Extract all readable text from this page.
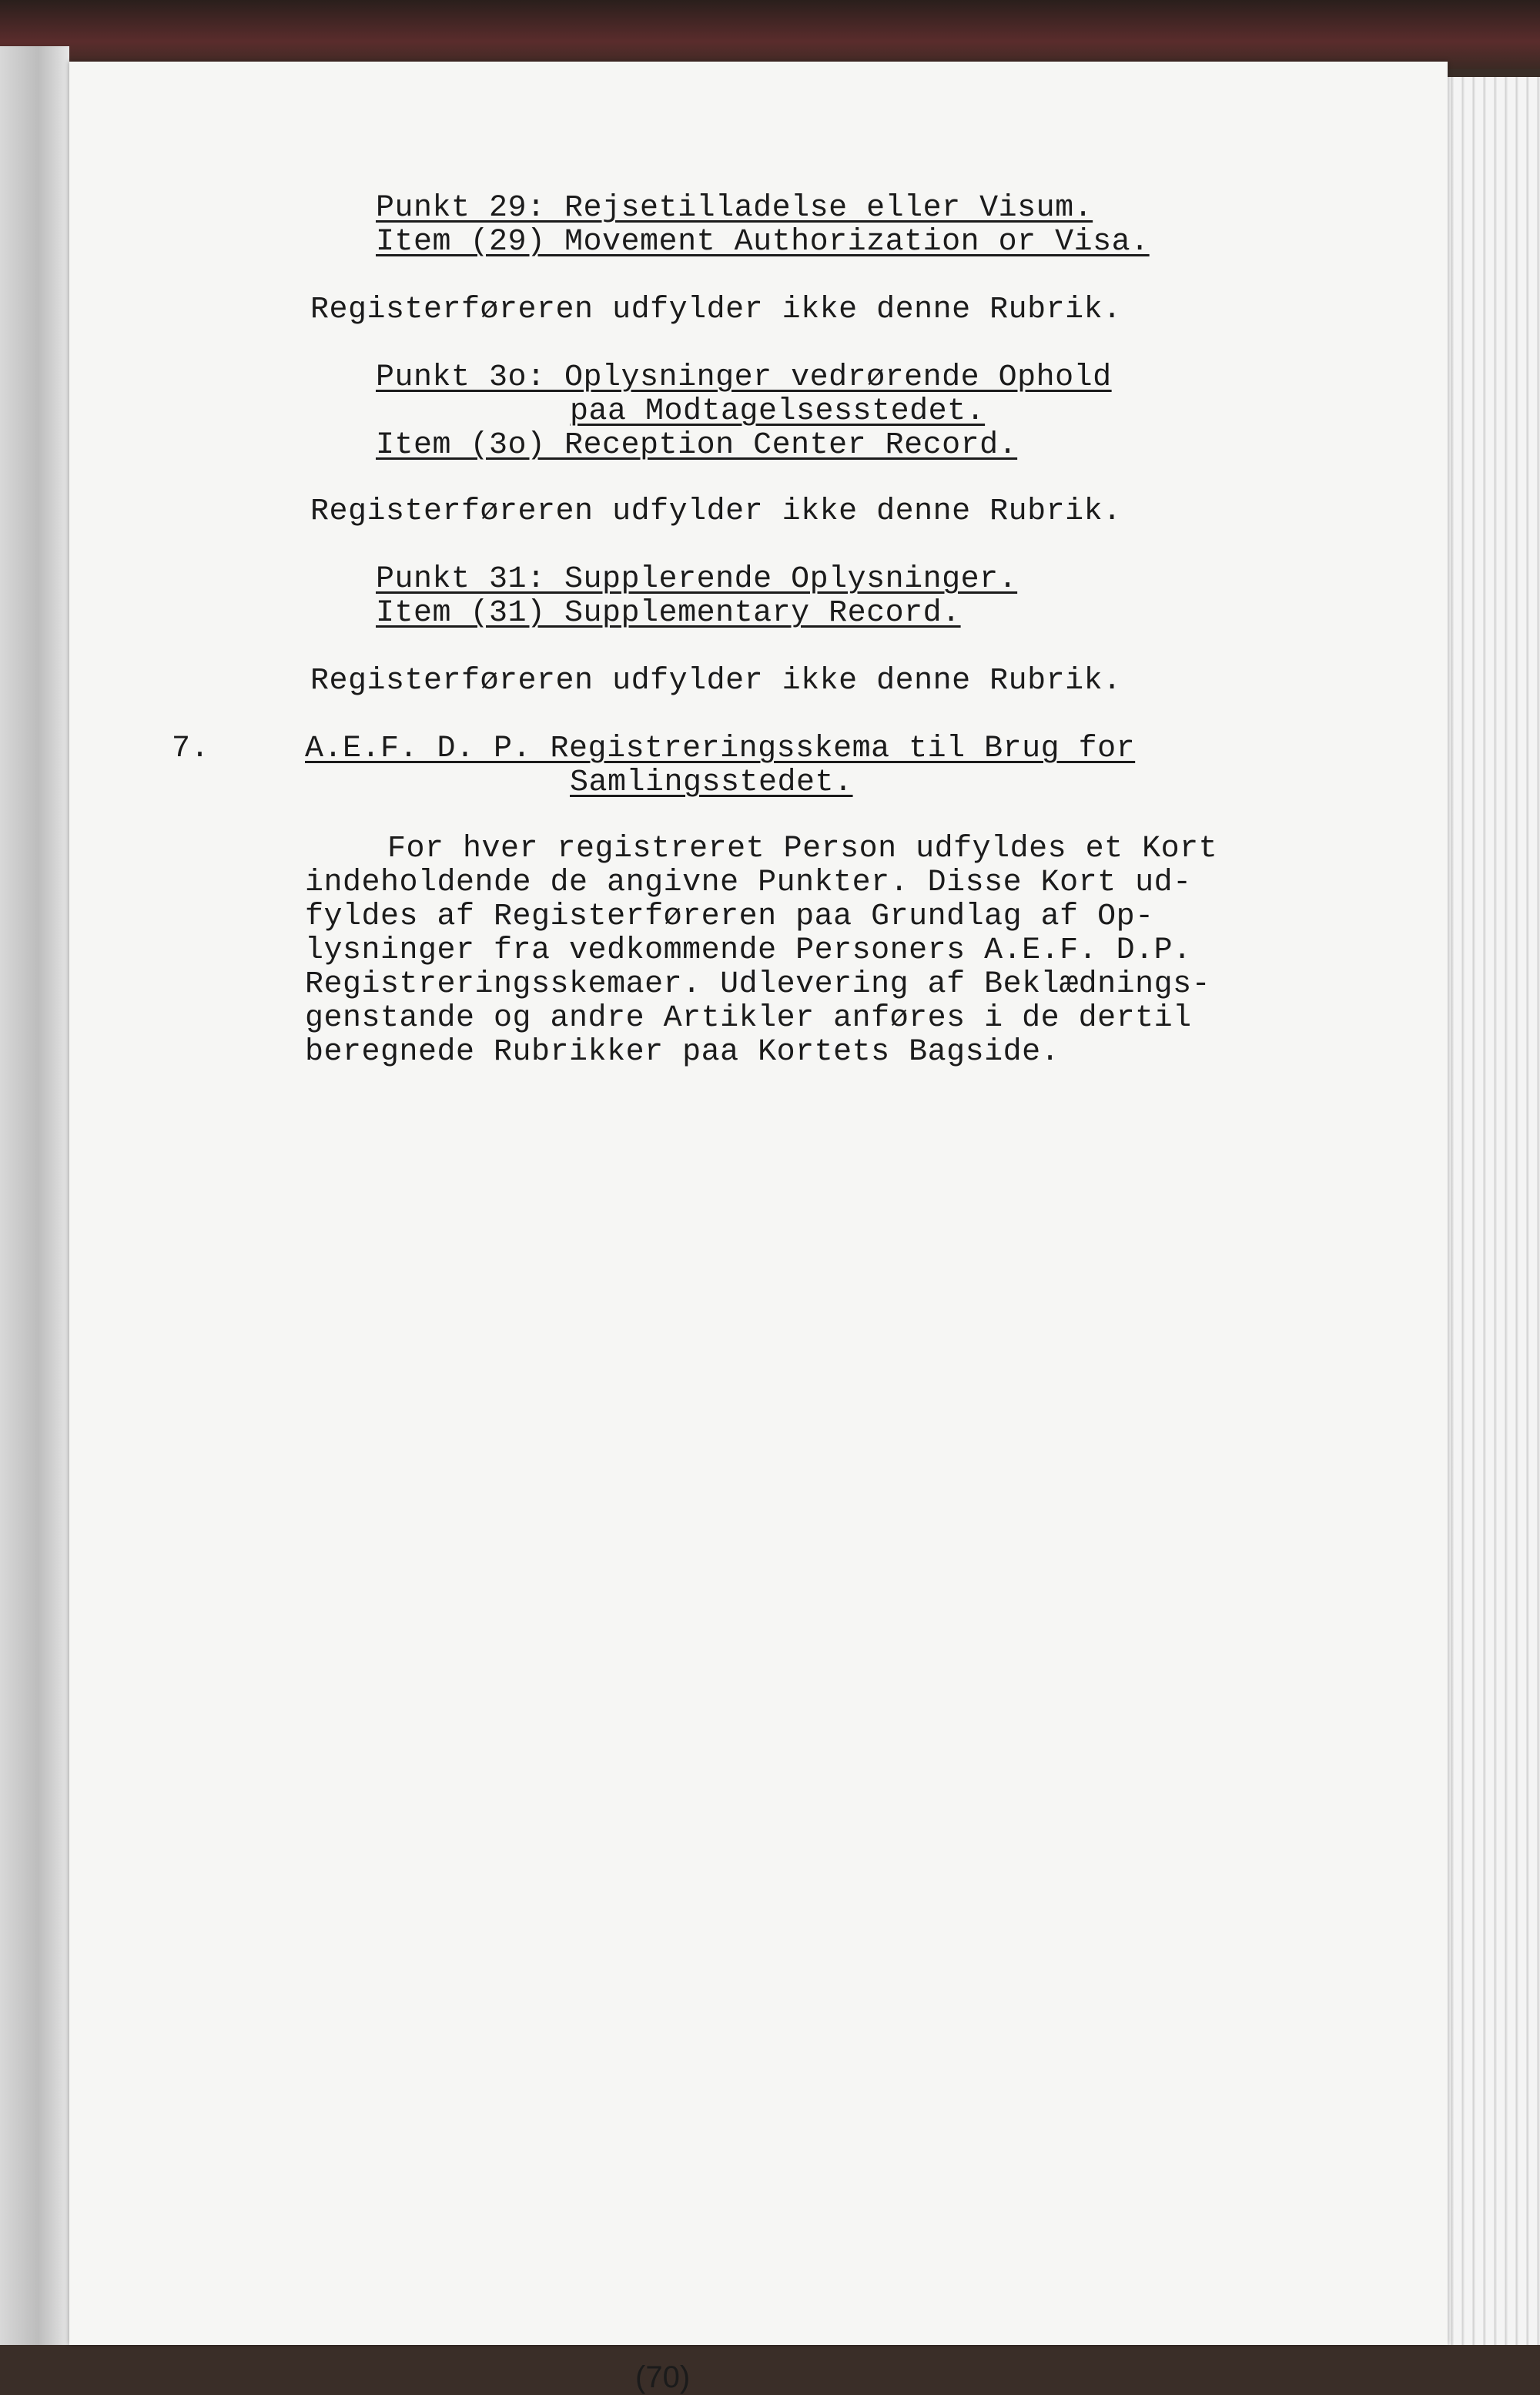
Punkt 29: Rejsetilladelse eller Visum.
Item (29) Movement Authorization or Visa.
Registerføreren udfylder ikke denne Rubrik.
Punkt 3o: Oplysninger vedrørende Ophold
paa Modtagelsesstedet.
Item (3o) Reception Center Record.
Registerføreren udfylder ikke denne Rubrik.
Punkt 31: Supplerende Oplysninger.
Item (31) Supplementary Record.
Registerføreren udfylder ikke denne Rubrik.
7.	A.E.F. D. P. Registreringsskema til Brug for
Samlingsstedet.
For hver registreret Person udfyldes et Kort
indeholdende de angivne Punkter. Disse Kort ud-
fyldes af Registerføreren paa Grundlag af Op-
lysninger fra vedkommende Personers A.E.F. D.P.
Registreringsskemaer. Udlevering af Beklædnings-
genstande og andre Artikler anføres i de dertil
beregnede Rubrikker paa Kortets Bagside.
(70)
